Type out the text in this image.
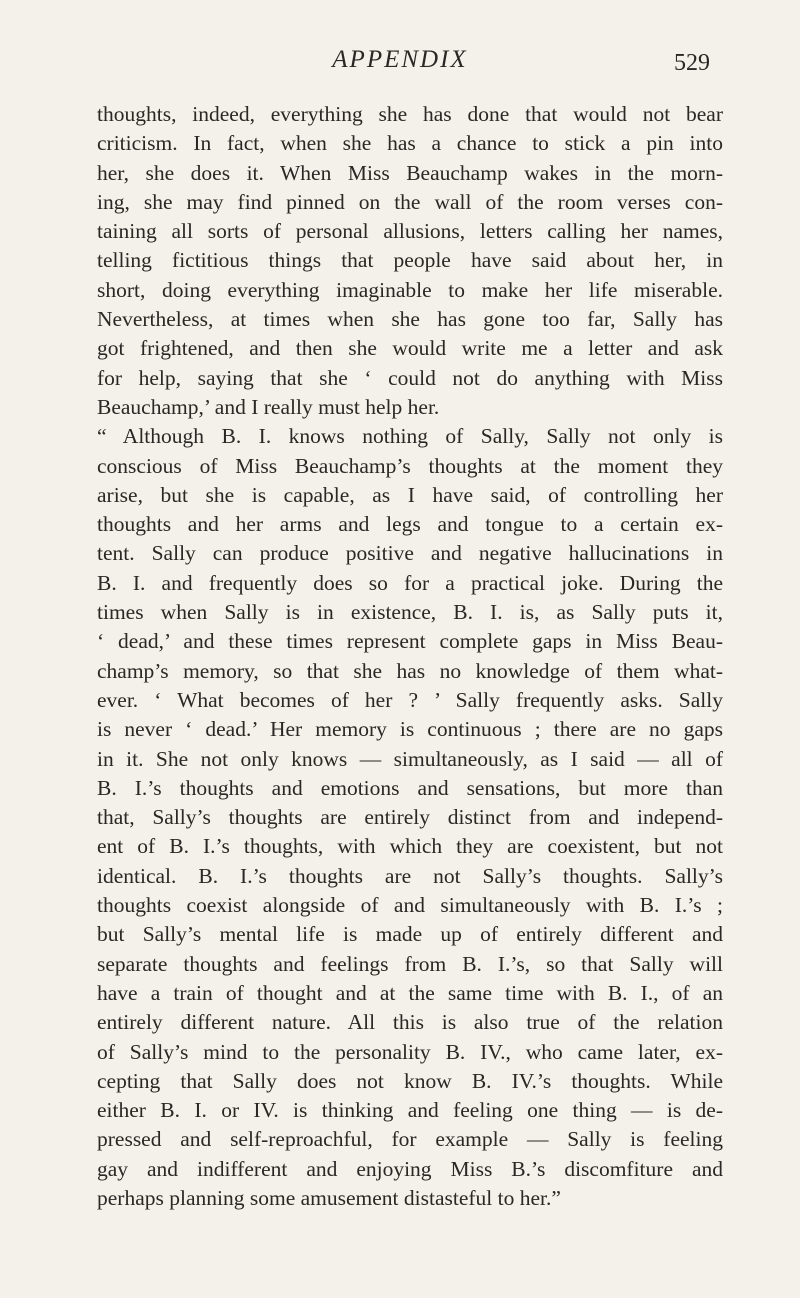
APPENDIX	529
thoughts, indeed, everything she has done that would not bear
criticism. In fact, when she has a chance to stick a pin into
her, she does it. When Miss Beauchamp wakes in the morn-
ing, she may find pinned on the wall of the room verses con-
taining all sorts of personal allusions, letters calling her names,
telling fictitious things that people have said about her, in
short, doing everything imaginable to make her life miserable.
Nevertheless, at times when she has gone too far, Sally has
got frightened, and then she would write me a letter and ask
for help, saying that she ‘ could not do anything with Miss
Beauchamp,’ and I really must help her.
“ Although B. I. knows nothing of Sally, Sally not only is
conscious of Miss Beauchamp’s thoughts at the moment they
arise, but she is capable, as I have said, of controlling her
thoughts and her arms and legs and tongue to a certain ex-
tent. Sally can produce positive and negative hallucinations in
B. I. and frequently does so for a practical joke. During the
times when Sally is in existence, B. I. is, as Sally puts it,
‘ dead,’ and these times represent complete gaps in Miss Beau-
champ’s memory, so that she has no knowledge of them what-
ever. ‘ What becomes of her ? ’ Sally frequently asks. Sally
is never ‘ dead.’ Her memory is continuous ; there are no gaps
in it. She not only knows — simultaneously, as I said — all of
B. I.’s thoughts and emotions and sensations, but more than
that, Sally’s thoughts are entirely distinct from and independ-
ent of B. I.’s thoughts, with which they are coexistent, but not
identical. B. I.’s thoughts are not Sally’s thoughts. Sally’s
thoughts coexist alongside of and simultaneously with B. I.’s ;
but Sally’s mental life is made up of entirely different and
separate thoughts and feelings from B. I.’s, so that Sally will
have a train of thought and at the same time with B. I., of an
entirely different nature. All this is also true of the relation
of Sally’s mind to the personality B. IV., who came later, ex-
cepting that Sally does not know B. IV.’s thoughts. While
either B. I. or IV. is thinking and feeling one thing — is de-
pressed and self-reproachful, for example — Sally is feeling
gay and indifferent and enjoying Miss B.’s discomfiture and
perhaps planning some amusement distasteful to her.”
